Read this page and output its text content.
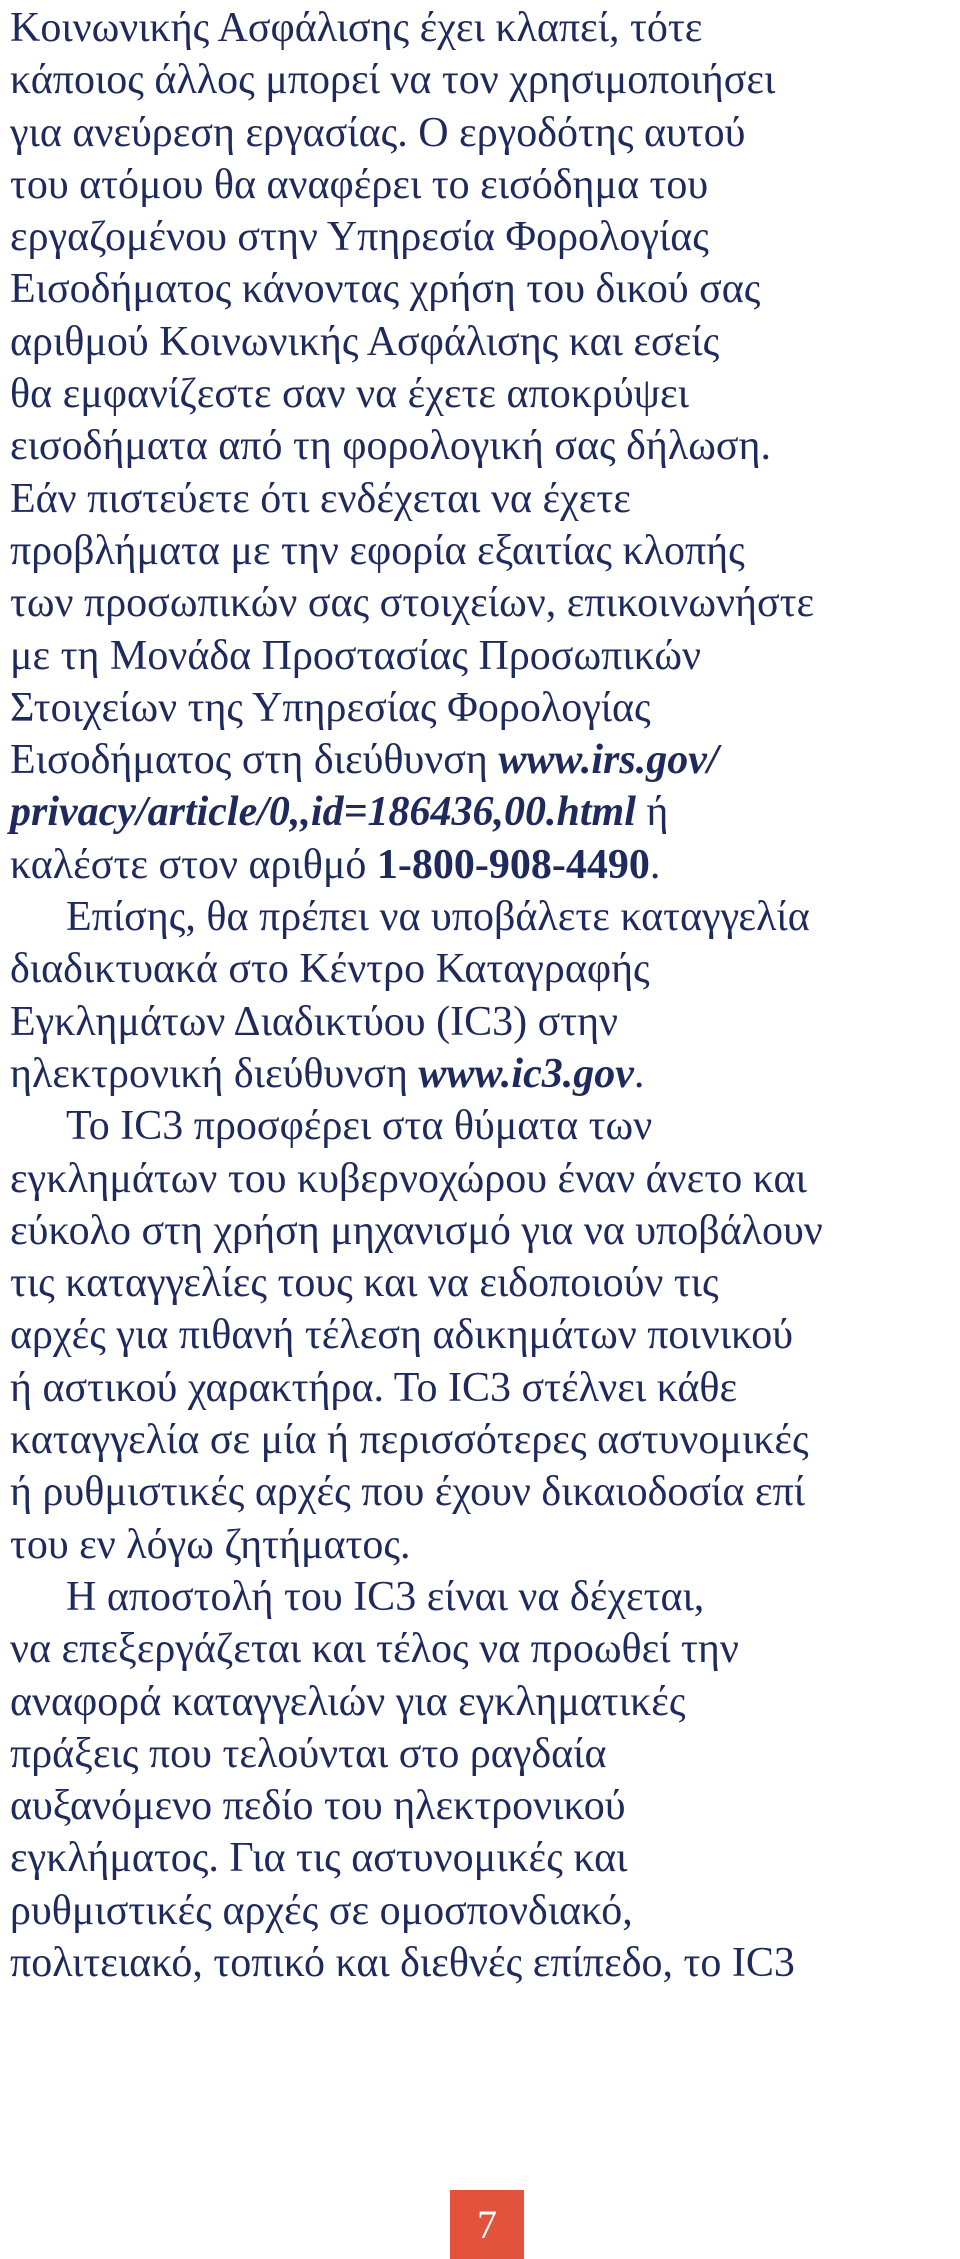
Κοινωνικής Ασφάλισης έχει κλαπεί, τότε
κάποιος άλλος μπορεί να τον χρησιμοποιήσει
για ανεύρεση εργασίας. Ο εργοδότης αυτού
του ατόμου θα αναφέρει το εισόδημα του
εργαζομένου στην Υπηρεσία Φορολογίας
Εισοδήματος κάνοντας χρήση του δικού σας
αριθμού Κοινωνικής Ασφάλισης και εσείς
θα εμφανίζεστε σαν να έχετε αποκρύψει
εισοδήματα από τη φορολογική σας δήλωση.
Εάν πιστεύετε ότι ενδέχεται να έχετε
προβλήματα με την εφορία εξαιτίας κλοπής
των προσωπικών σας στοιχείων, επικοινωνήστε
με τη Μονάδα Προστασίας Προσωπικών
Στοιχείων της Υπηρεσίας Φορολογίας
Εισοδήματος στη διεύθυνση www.irs.gov/
privacy/article/0,,id=186436,00.html ή
καλέστε στον αριθμό 1-800-908-4490.

Επίσης, θα πρέπει να υποβάλετε καταγγελία
διαδικτυακά στο Κέντρο Καταγραφής
Εγκλημάτων Διαδικτύου (IC3) στην
ηλεκτρονική διεύθυνση www.ic3.gov.

Το IC3 προσφέρει στα θύματα των
εγκλημάτων του κυβερνοχώρου έναν άνετο και
εύκολο στη χρήση μηχανισμό για να υποβάλουν
τις καταγγελίες τους και να ειδοποιούν τις
αρχές για πιθανή τέλεση αδικημάτων ποινικού
ή αστικού χαρακτήρα. Το IC3 στέλνει κάθε
καταγγελία σε μία ή περισσότερες αστυνομικές
ή ρυθμιστικές αρχές που έχουν δικαιοδοσία επί
του εν λόγω ζητήματος.

Η αποστολή του IC3 είναι να δέχεται,
να επεξεργάζεται και τέλος να προωθεί την
αναφορά καταγγελιών για εγκληματικές
πράξεις που τελούνται στο ραγδαία
αυξανόμενο πεδίο του ηλεκτρονικού
εγκλήματος. Για τις αστυνομικές και
ρυθμιστικές αρχές σε ομοσπονδιακό,
πολιτειακό, τοπικό και διεθνές επίπεδο, το IC3

7
